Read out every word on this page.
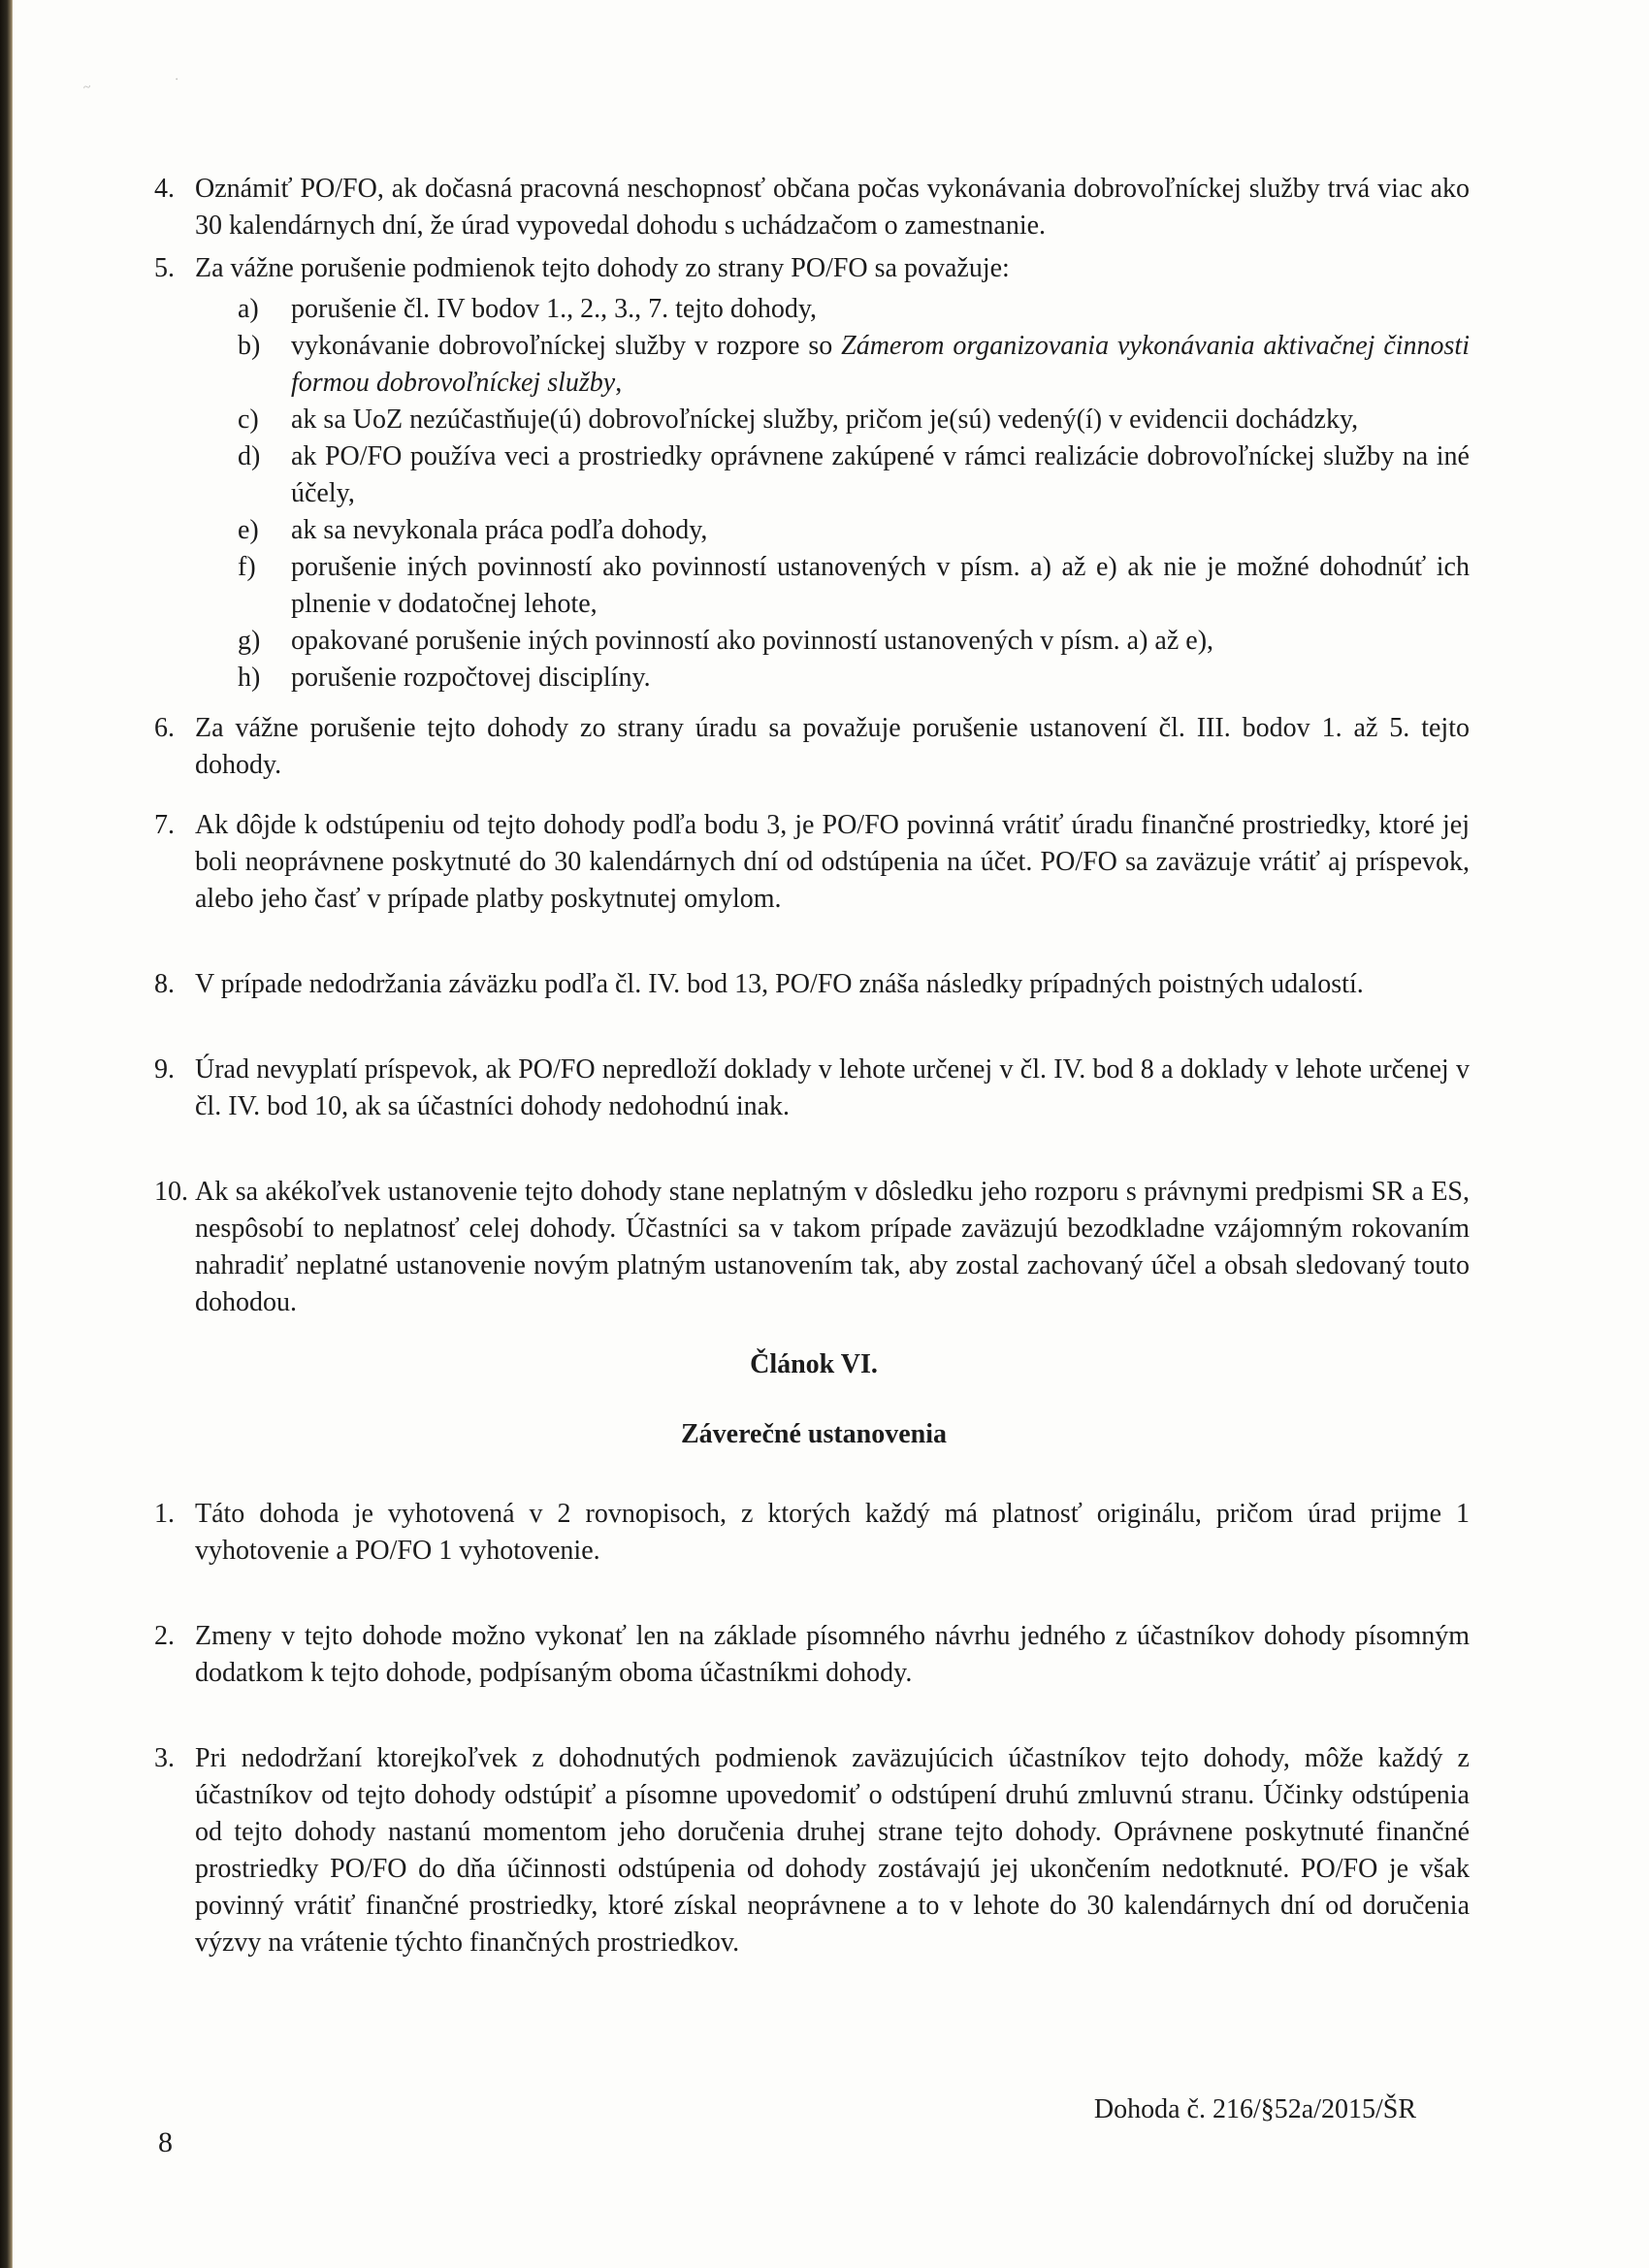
~	·
4. Oznámiť PO/FO, ak dočasná pracovná neschopnosť občana počas vykonávania dobrovoľníckej služby trvá viac ako 30 kalendárnych dní, že úrad vypovedal dohodu s uchádzačom o zamestnanie.
5. Za vážne porušenie podmienok tejto dohody zo strany PO/FO sa považuje:
a) porušenie čl. IV bodov 1., 2., 3., 7. tejto dohody,
b) vykonávanie dobrovoľníckej služby v rozpore so Zámerom organizovania vykonávania aktivačnej činnosti formou dobrovoľníckej služby,
c) ak sa UoZ nezúčastňuje(ú) dobrovoľníckej služby, pričom je(sú) vedený(í) v evidencii dochádzky,
d) ak PO/FO používa veci a prostriedky oprávnene zakúpené v rámci realizácie dobrovoľníckej služby na iné účely,
e) ak sa nevykonala práca podľa dohody,
f) porušenie iných povinností ako povinností ustanovených v písm. a) až e) ak nie je možné dohodnúť ich plnenie v dodatočnej lehote,
g) opakované porušenie iných povinností ako povinností ustanovených v písm. a) až e),
h) porušenie rozpočtovej disciplíny.
6. Za vážne porušenie tejto dohody zo strany úradu sa považuje porušenie ustanovení čl. III. bodov 1. až 5. tejto dohody.
7. Ak dôjde k odstúpeniu od tejto dohody podľa bodu 3, je PO/FO povinná vrátiť úradu finančné prostriedky, ktoré jej boli neoprávnene poskytnuté do 30 kalendárnych dní od odstúpenia na účet. PO/FO sa zaväzuje vrátiť aj príspevok, alebo jeho časť v prípade platby poskytnutej omylom.
8. V prípade nedodržania záväzku podľa čl. IV. bod 13, PO/FO znáša následky prípadných poistných udalostí.
9. Úrad nevyplatí príspevok, ak PO/FO nepredloží doklady v lehote určenej v čl. IV. bod 8 a doklady v lehote určenej v čl. IV. bod 10, ak sa účastníci dohody nedohodnú inak.
10. Ak sa akékoľvek ustanovenie tejto dohody stane neplatným v dôsledku jeho rozporu s právnymi predpismi SR a ES, nespôsobí to neplatnosť celej dohody. Účastníci sa v takom prípade zaväzujú bezodkladne vzájomným rokovaním nahradiť neplatné ustanovenie novým platným ustanovením tak, aby zostal zachovaný účel a obsah sledovaný touto dohodou.
Článok VI.
Záverečné ustanovenia
1. Táto dohoda je vyhotovená v 2 rovnopisoch, z ktorých každý má platnosť originálu, pričom úrad prijme 1 vyhotovenie a PO/FO 1 vyhotovenie.
2. Zmeny v tejto dohode možno vykonať len na základe písomného návrhu jedného z účastníkov dohody písomným dodatkom k tejto dohode, podpísaným oboma účastníkmi dohody.
3. Pri nedodržaní ktorejkoľvek z dohodnutých podmienok zaväzujúcich účastníkov tejto dohody, môže každý z účastníkov od tejto dohody odstúpiť a písomne upovedomiť o odstúpení druhú zmluvnú stranu. Účinky odstúpenia od tejto dohody nastanú momentom jeho doručenia druhej strane tejto dohody. Oprávnene poskytnuté finančné prostriedky PO/FO do dňa účinnosti odstúpenia od dohody zostávajú jej ukončením nedotknuté. PO/FO je však povinný vrátiť finančné prostriedky, ktoré získal neoprávnene a to v lehote do 30 kalendárnych dní od doručenia výzvy na vrátenie týchto finančných prostriedkov.
Dohoda č. 216/§52a/2015/ŠR
8
